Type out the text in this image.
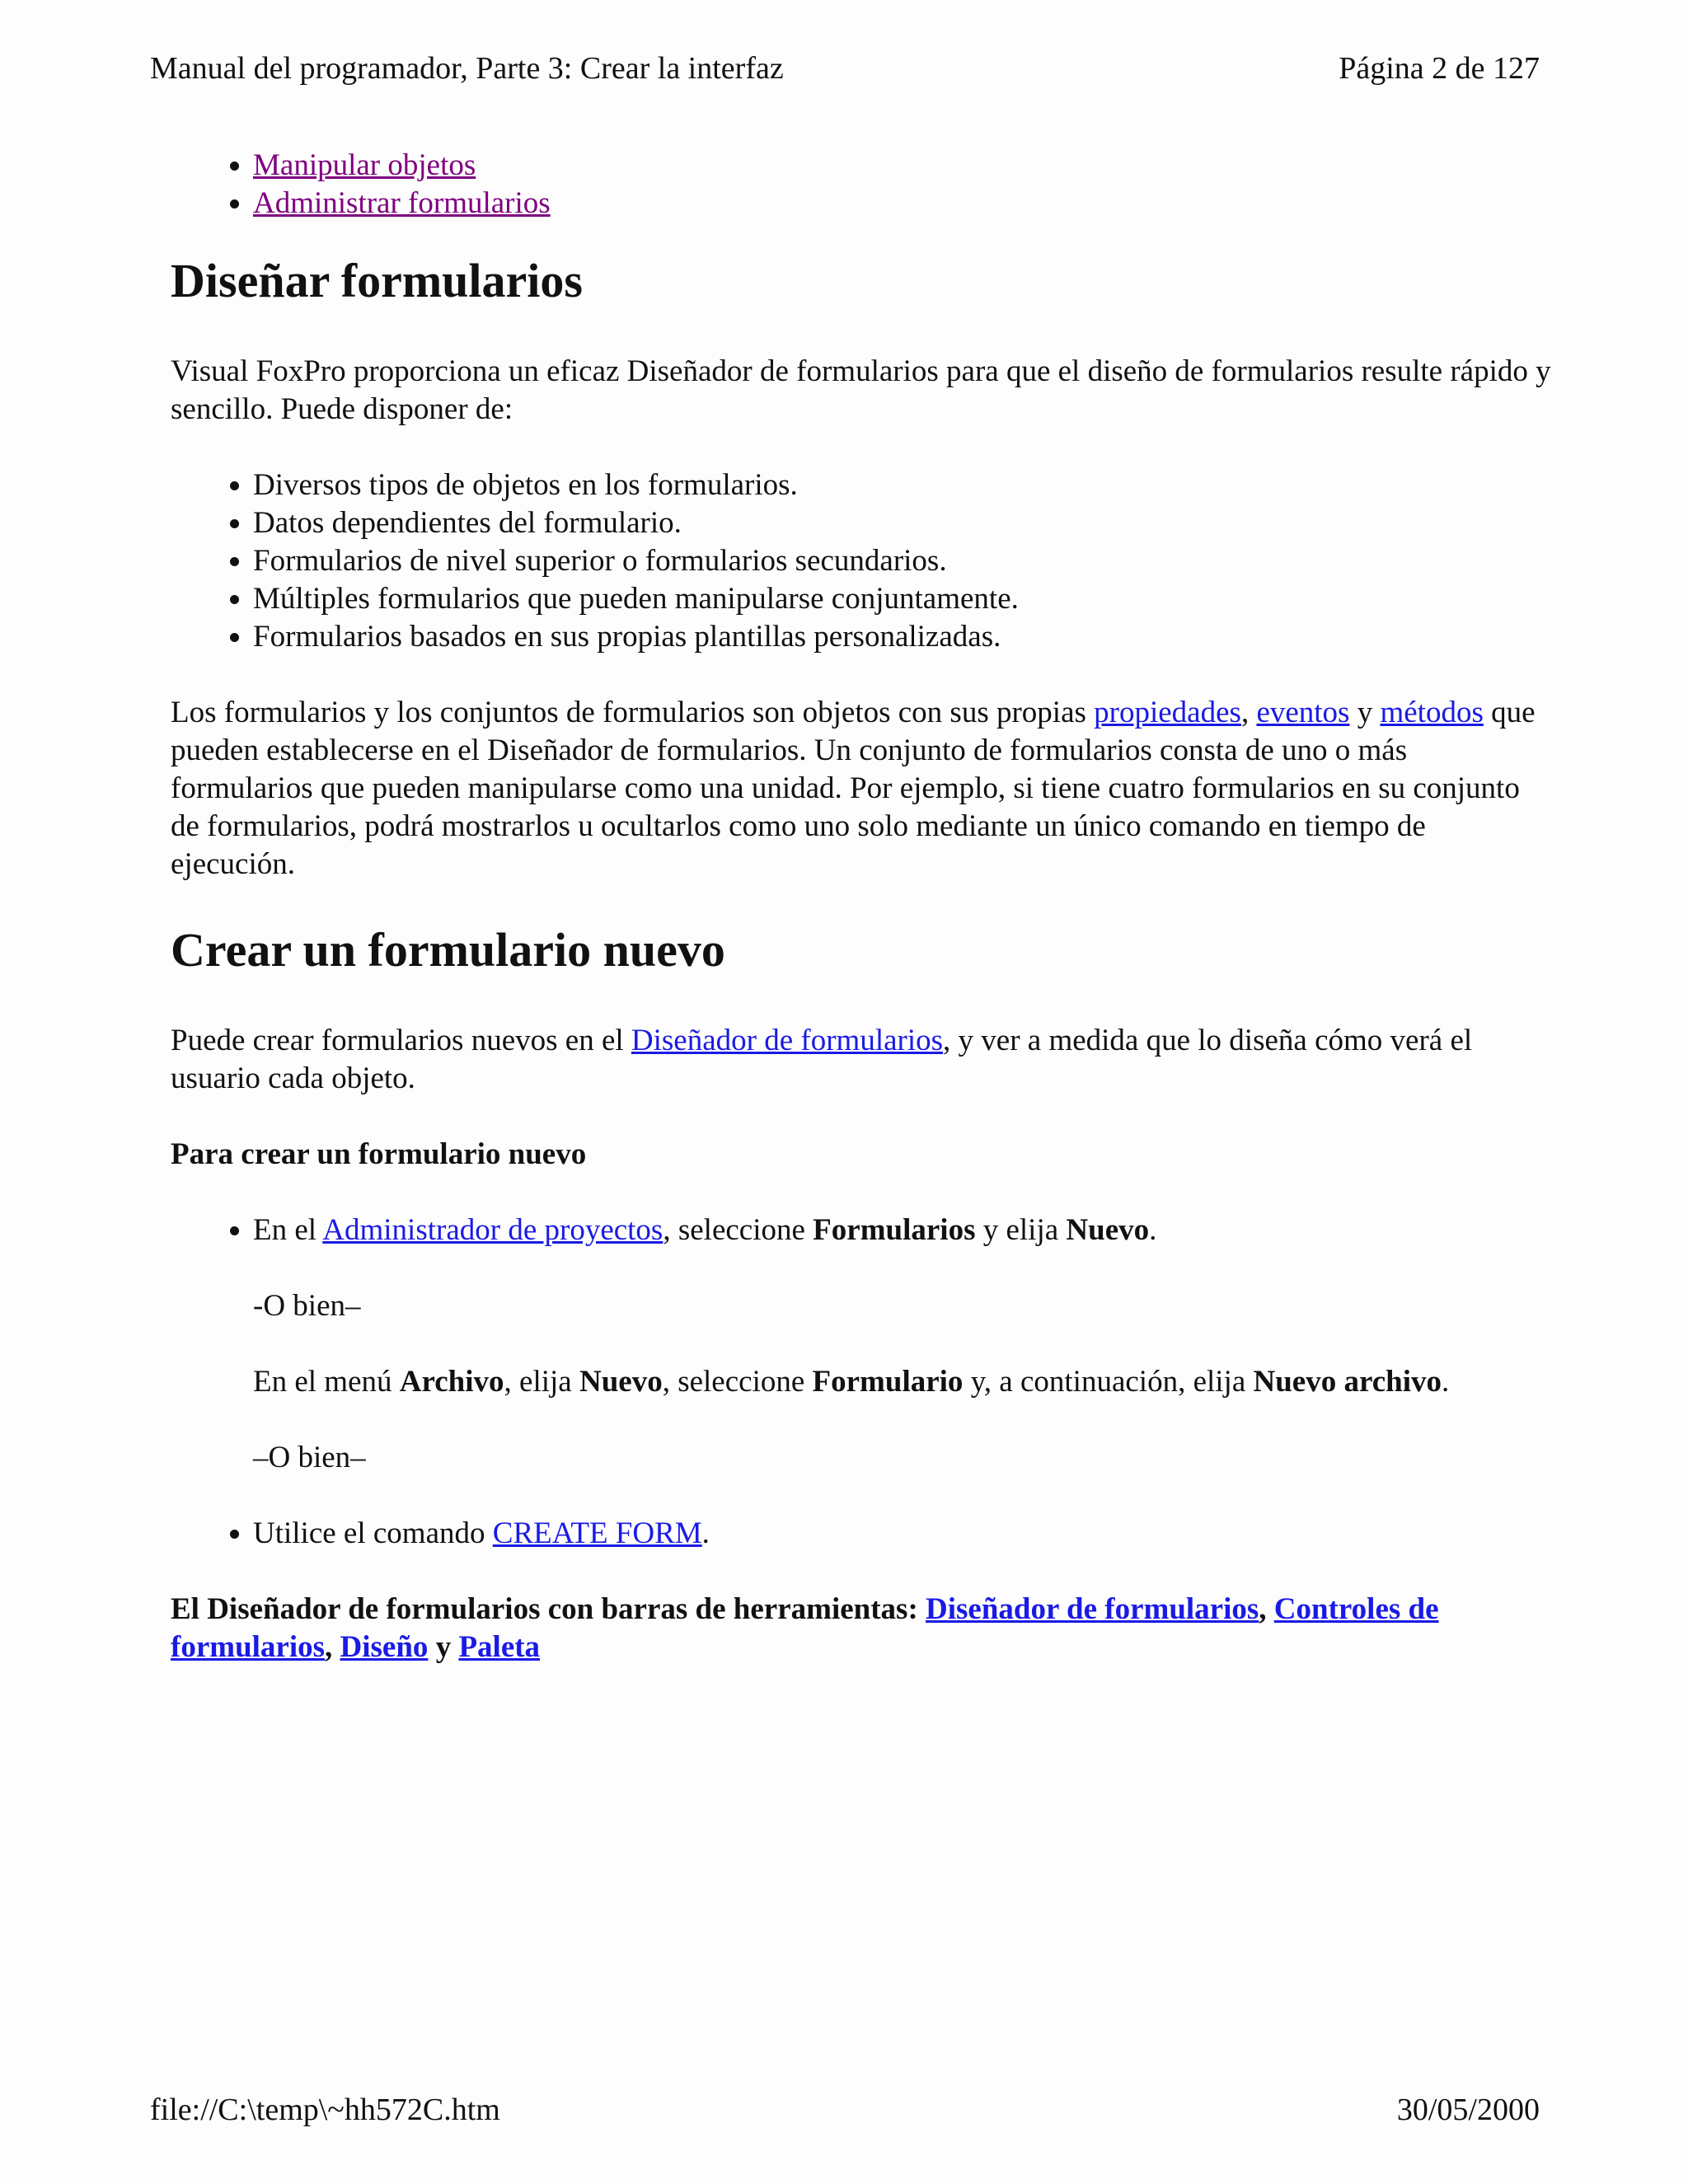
Manual del programador, Parte 3: Crear la interfaz	Página 2 de 127
• Manipular objetos
• Administrar formularios
Diseñar formularios

Visual FoxPro proporciona un eficaz Diseñador de formularios para que el diseño de formularios resulte rápido y sencillo. Puede disponer de:

• Diversos tipos de objetos en los formularios.
• Datos dependientes del formulario.
• Formularios de nivel superior o formularios secundarios.
• Múltiples formularios que pueden manipularse conjuntamente.
• Formularios basados en sus propias plantillas personalizadas.

Los formularios y los conjuntos de formularios son objetos con sus propias propiedades, eventos y métodos que pueden establecerse en el Diseñador de formularios. Un conjunto de formularios consta de uno o más formularios que pueden manipularse como una unidad. Por ejemplo, si tiene cuatro formularios en su conjunto de formularios, podrá mostrarlos u ocultarlos como uno solo mediante un único comando en tiempo de ejecución.

Crear un formulario nuevo

Puede crear formularios nuevos en el Diseñador de formularios, y ver a medida que lo diseña cómo verá el usuario cada objeto.

Para crear un formulario nuevo
• En el Administrador de proyectos, seleccione Formularios y elija Nuevo.
-O bien–
En el menú Archivo, elija Nuevo, seleccione Formulario y, a continuación, elija Nuevo archivo.
–O bien–
• Utilice el comando CREATE FORM.
El Diseñador de formularios con barras de herramientas: Diseñador de formularios, Controles de formularios, Diseño y Paleta
file://C:\temp\~hh572C.htm	30/05/2000
